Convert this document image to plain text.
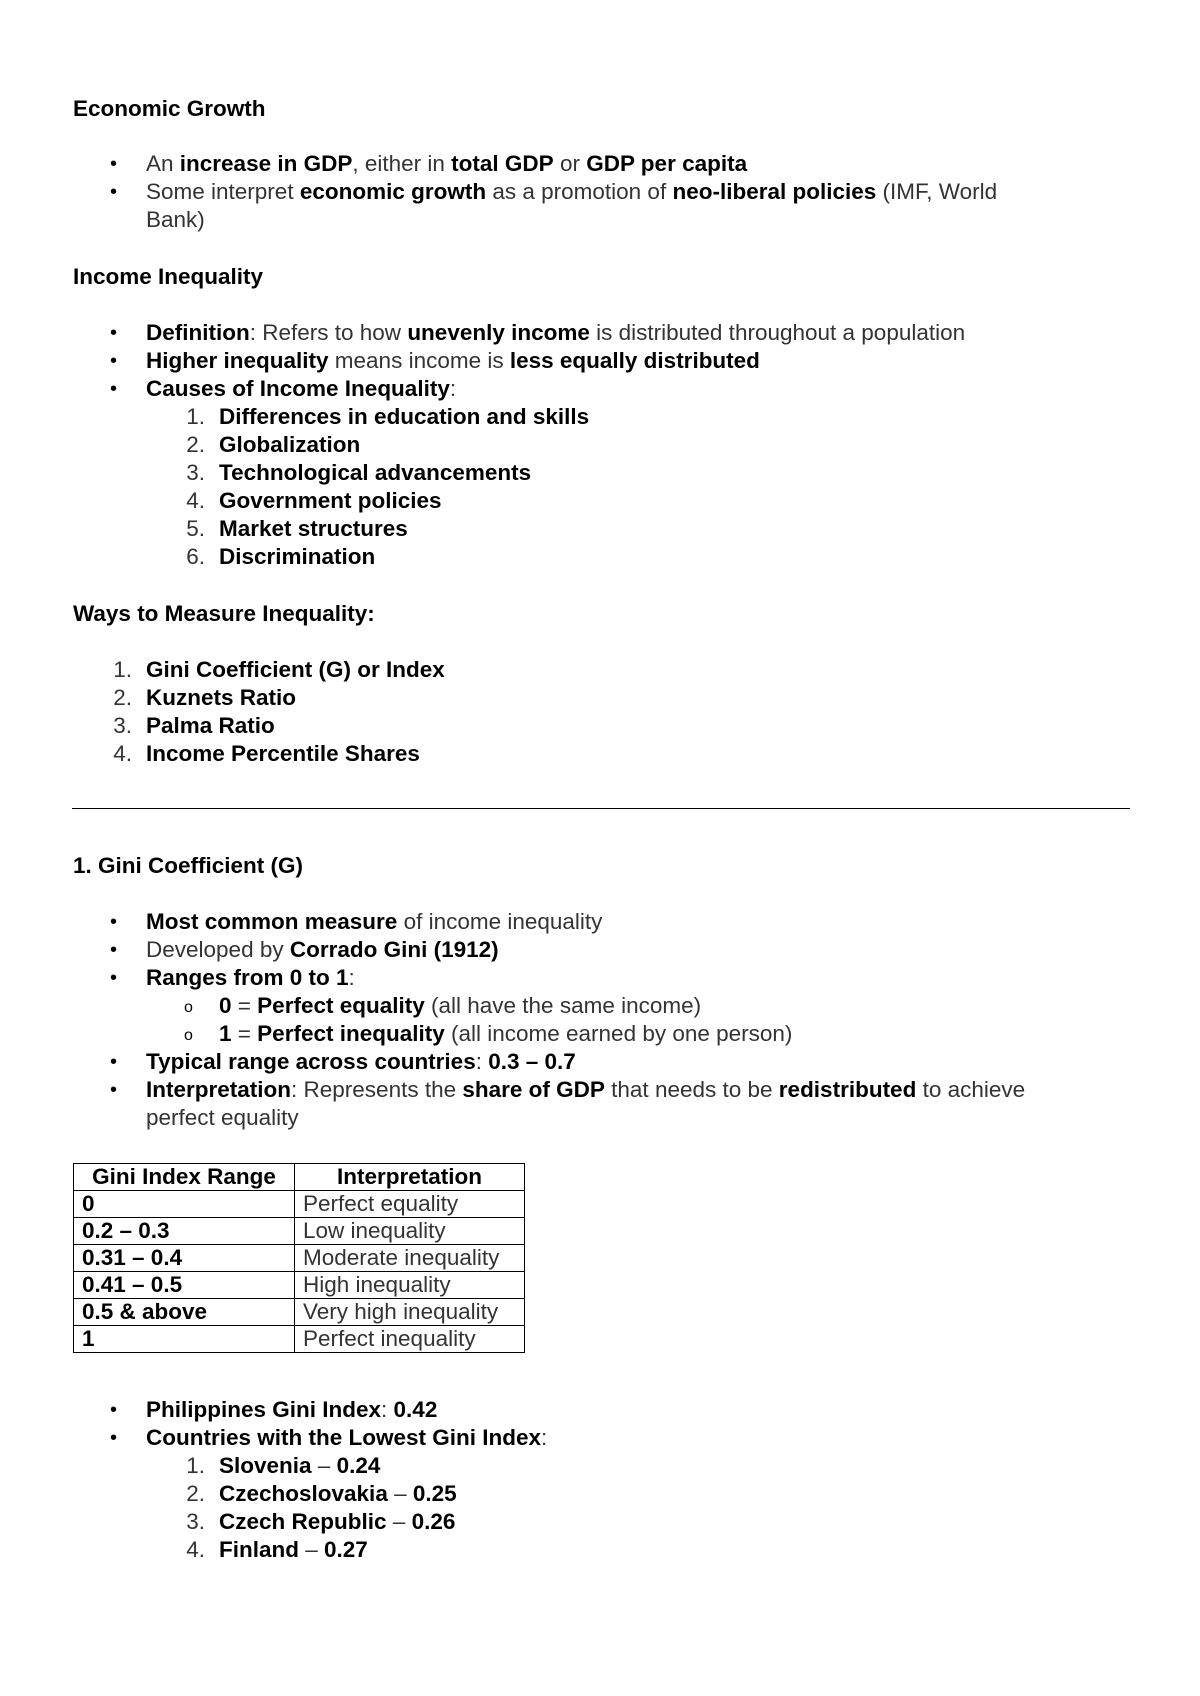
Economic Growth
• An increase in GDP, either in total GDP or GDP per capita
• Some interpret economic growth as a promotion of neo-liberal policies (IMF, World
Bank)
Income Inequality
• Definition: Refers to how unevenly income is distributed throughout a population
• Higher inequality means income is less equally distributed
• Causes of Income Inequality:
1. Differences in education and skills
2. Globalization
3. Technological advancements
4. Government policies
5. Market structures
6. Discrimination
Ways to Measure Inequality:
1. Gini Coefficient (G) or Index
2. Kuznets Ratio
3. Palma Ratio
4. Income Percentile Shares
1. Gini Coefficient (G)
• Most common measure of income inequality
• Developed by Corrado Gini (1912)
• Ranges from 0 to 1:
o 0 = Perfect equality (all have the same income)
o 1 = Perfect inequality (all income earned by one person)
• Typical range across countries: 0.3 – 0.7
• Interpretation: Represents the share of GDP that needs to be redistributed to achieve
perfect equality
Gini Index Range	Interpretation
0	Perfect equality
0.2 – 0.3	Low inequality
0.31 – 0.4	Moderate inequality
0.41 – 0.5	High inequality
0.5 & above	Very high inequality
1	Perfect inequality
• Philippines Gini Index: 0.42
• Countries with the Lowest Gini Index:
1. Slovenia – 0.24
2. Czechoslovakia – 0.25
3. Czech Republic – 0.26
4. Finland – 0.27
